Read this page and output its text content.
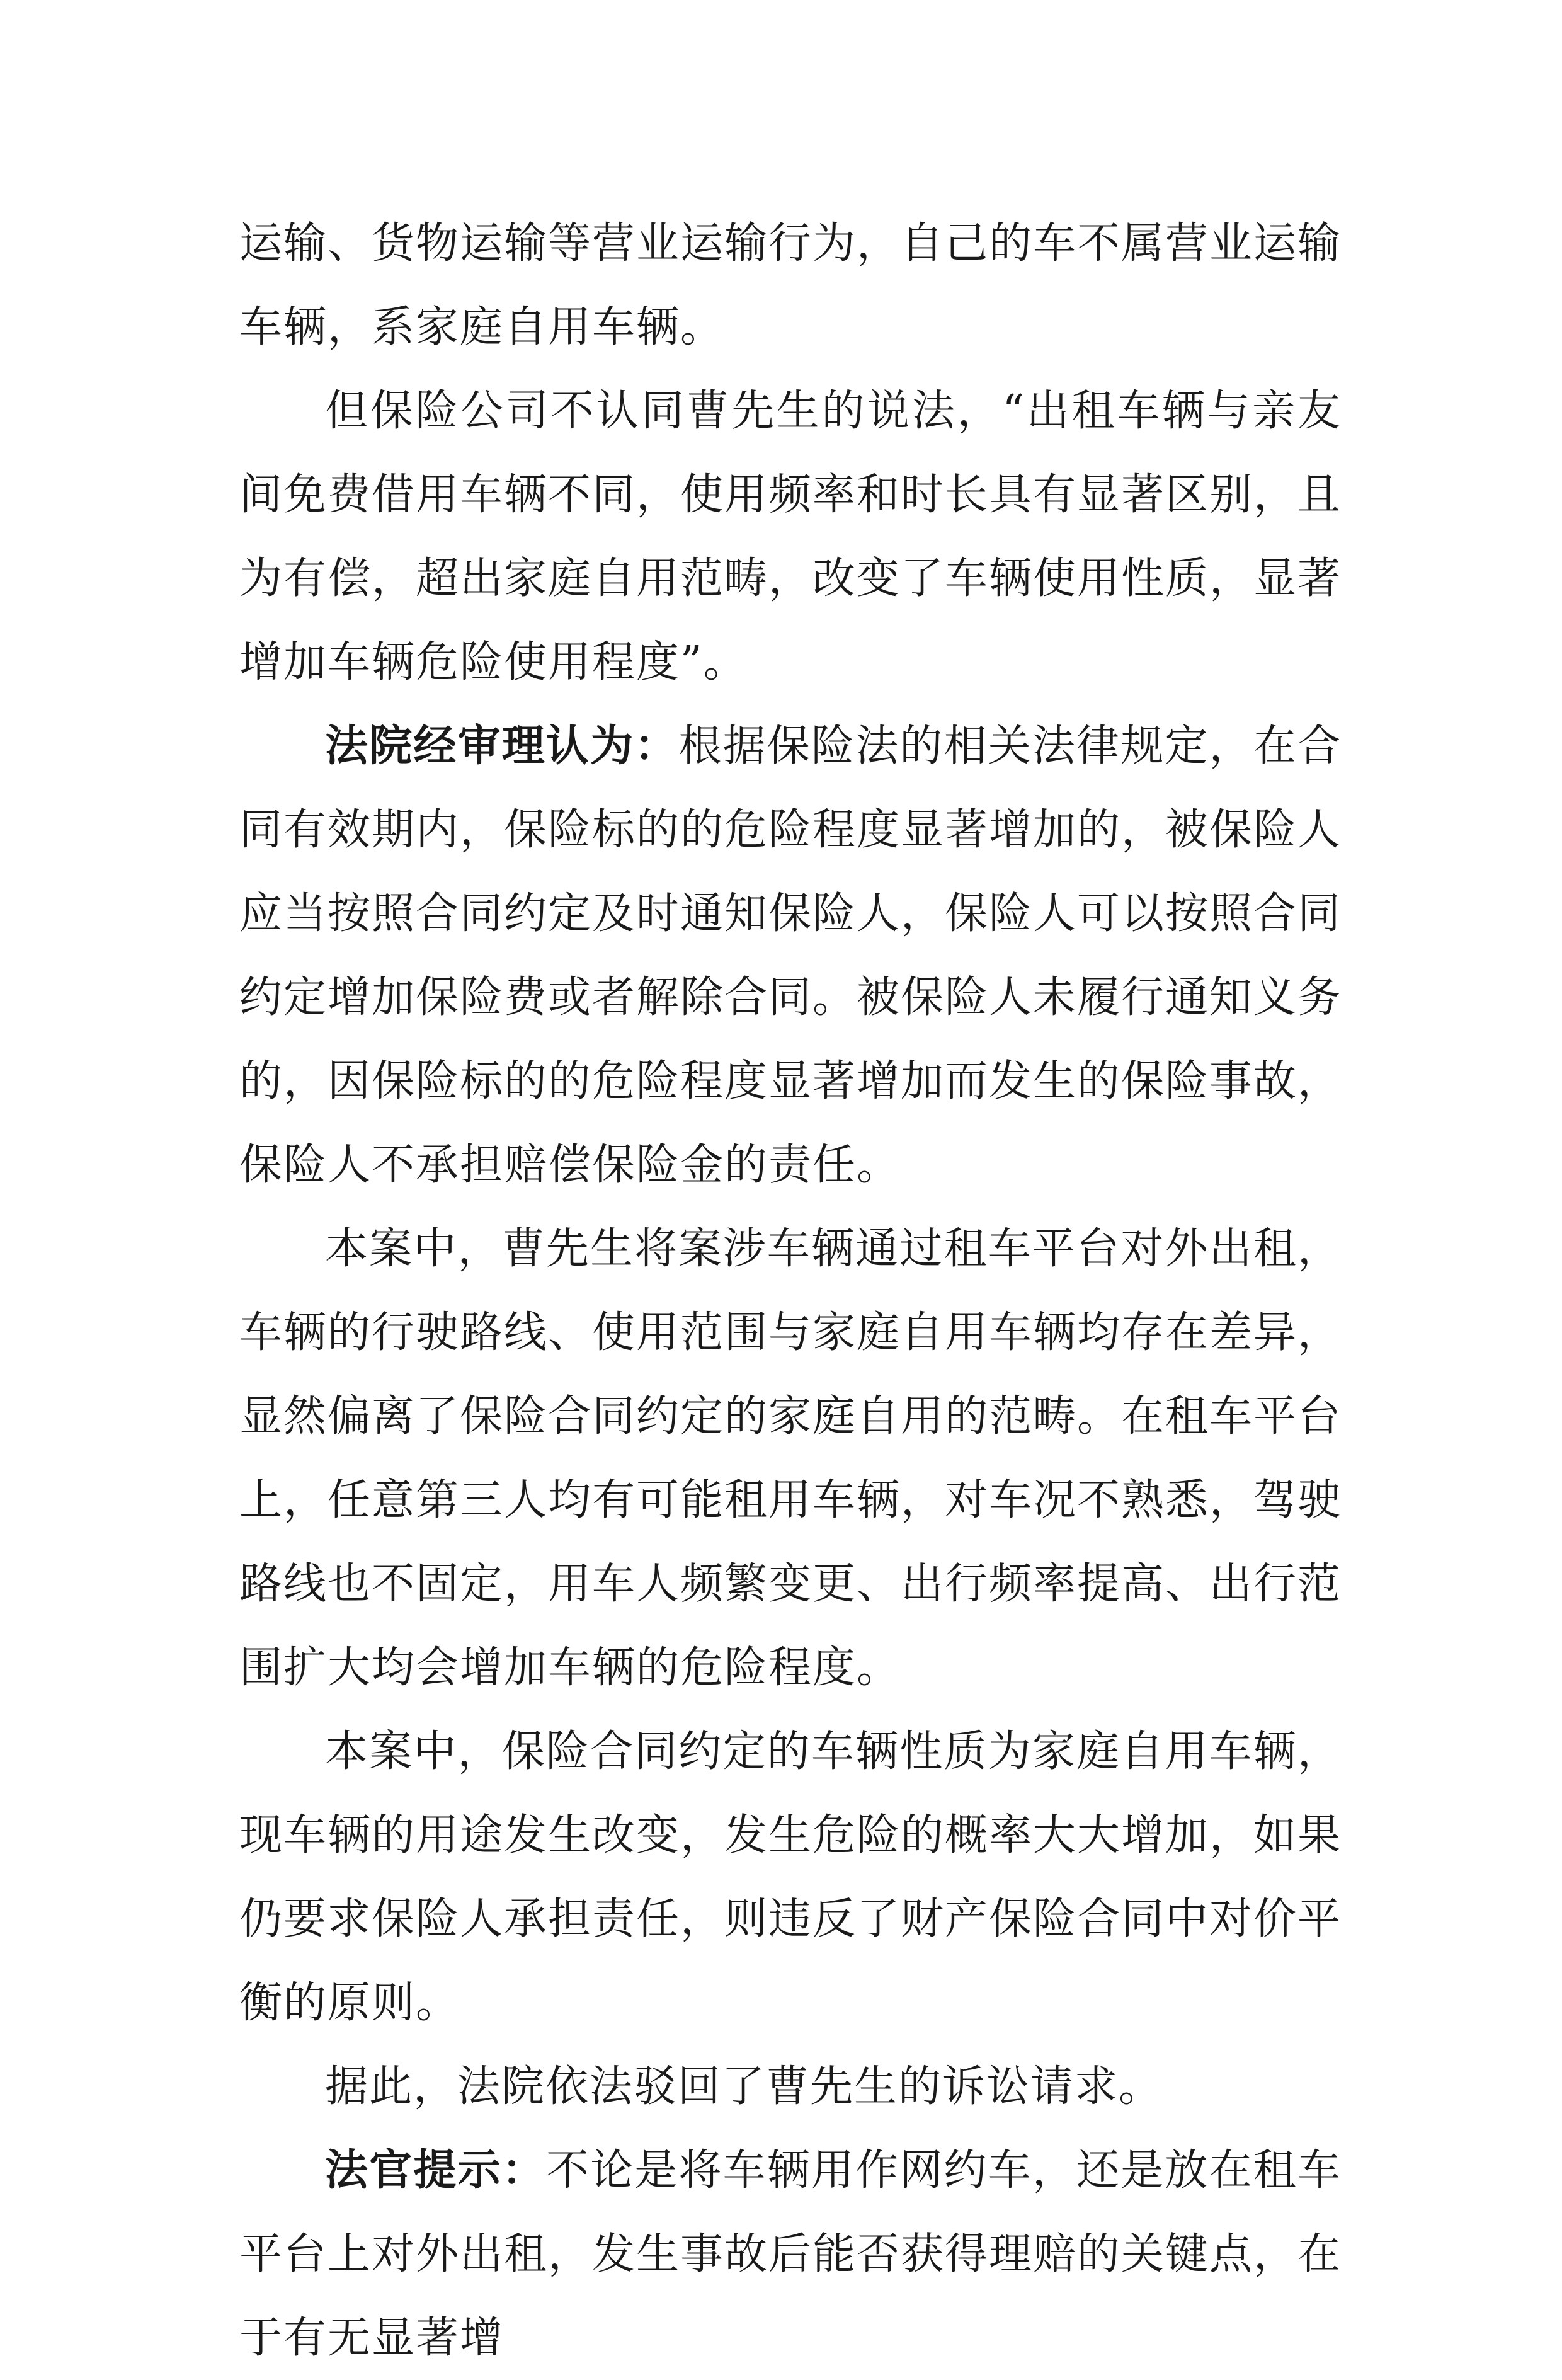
运输、货物运输等营业运输行为，自己的车不属营业运输车辆，系家庭自用车辆。

但保险公司不认同曹先生的说法，“出租车辆与亲友间免费借用车辆不同，使用频率和时长具有显著区别，且为有偿，超出家庭自用范畴，改变了车辆使用性质，显著增加车辆危险使用程度”。

法院经审理认为：根据保险法的相关法律规定，在合同有效期内，保险标的的危险程度显著增加的，被保险人应当按照合同约定及时通知保险人，保险人可以按照合同约定增加保险费或者解除合同。被保险人未履行通知义务的，因保险标的的危险程度显著增加而发生的保险事故，保险人不承担赔偿保险金的责任。

本案中，曹先生将案涉车辆通过租车平台对外出租，车辆的行驶路线、使用范围与家庭自用车辆均存在差异，显然偏离了保险合同约定的家庭自用的范畴。在租车平台上，任意第三人均有可能租用车辆，对车况不熟悉，驾驶路线也不固定，用车人频繁变更、出行频率提高、出行范围扩大均会增加车辆的危险程度。

本案中，保险合同约定的车辆性质为家庭自用车辆，现车辆的用途发生改变，发生危险的概率大大增加，如果仍要求保险人承担责任，则违反了财产保险合同中对价平衡的原则。

据此，法院依法驳回了曹先生的诉讼请求。

法官提示：不论是将车辆用作网约车，还是放在租车平台上对外出租，发生事故后能否获得理赔的关键点，在于有无显著增
